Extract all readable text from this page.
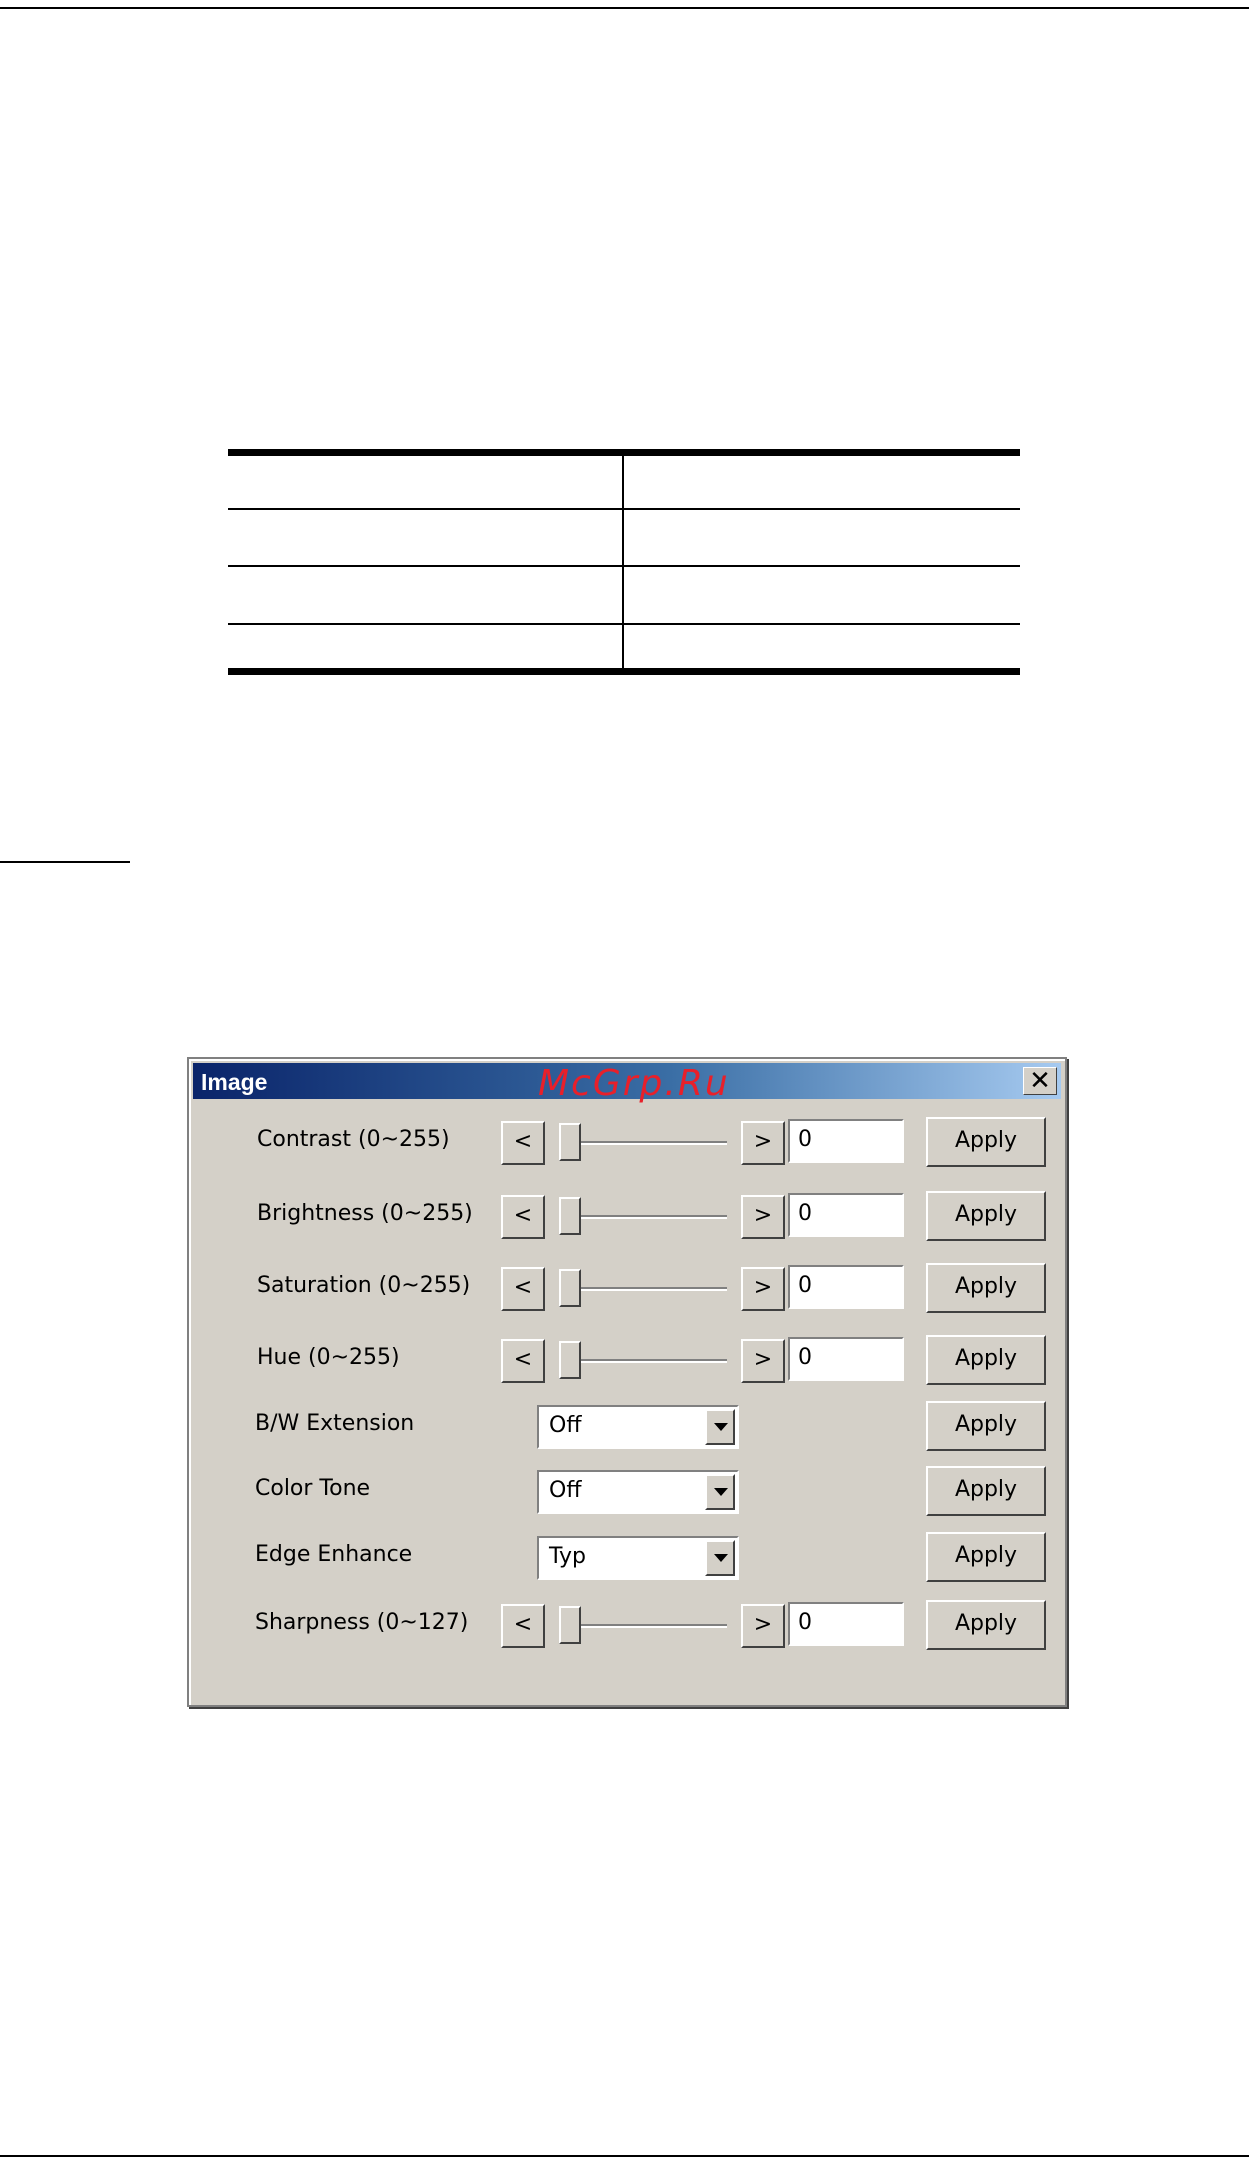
Image	McGrp.Ru	✕
Contrast (0~255)	<	>	0	Apply
Brightness (0~255)	<	>	0	Apply
Saturation (0~255)	<	>	0	Apply
Hue (0~255)	<	>	0	Apply
B/W Extension	Off	Apply
Color Tone	Off	Apply
Edge Enhance	Typ	Apply
Sharpness (0~127)	<	>	0	Apply
